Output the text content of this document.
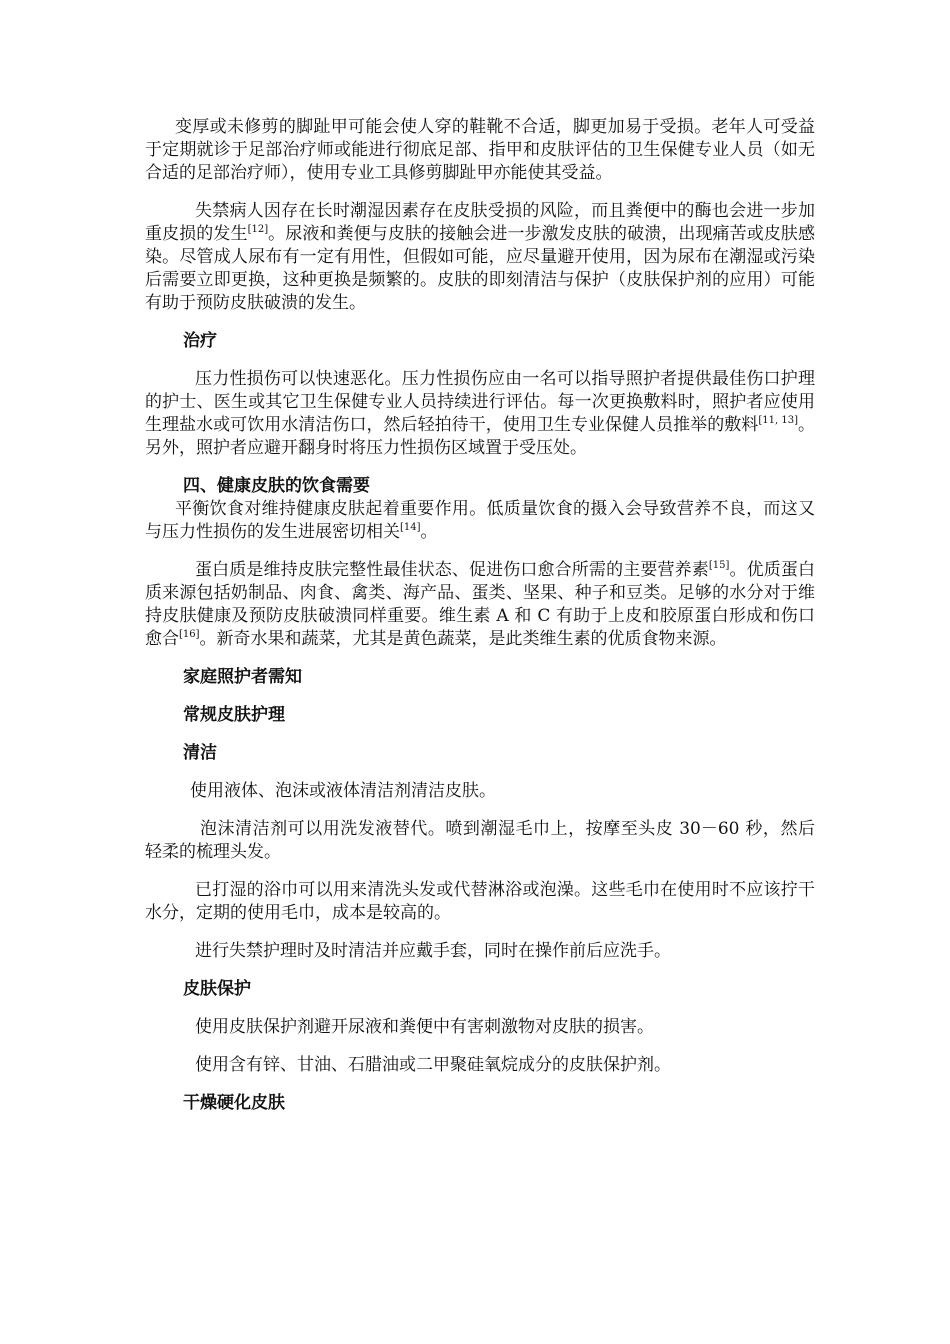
变厚或未修剪的脚趾甲可能会使人穿的鞋靴不合适，脚更加易于受损。老年人可受益于定期就诊于足部治疗师或能进行彻底足部、指甲和皮肤评估的卫生保健专业人员（如无合适的足部治疗师），使用专业工具修剪脚趾甲亦能使其受益。

失禁病人因存在长时潮湿因素存在皮肤受损的风险，而且粪便中的酶也会进一步加重皮损的发生[12]。尿液和粪便与皮肤的接触会进一步激发皮肤的破溃，出现痛苦或皮肤感染。尽管成人尿布有一定有用性，但假如可能，应尽量避开使用，因为尿布在潮湿或污染后需要立即更换，这种更换是频繁的。皮肤的即刻清洁与保护（皮肤保护剂的应用）可能有助于预防皮肤破溃的发生。

治疗

压力性损伤可以快速恶化。压力性损伤应由一名可以指导照护者提供最佳伤口护理的护士、医生或其它卫生保健专业人员持续进行评估。每一次更换敷料时，照护者应使用生理盐水或可饮用水清洁伤口，然后轻拍待干，使用卫生专业保健人员推举的敷料[11, 13]。另外，照护者应避开翻身时将压力性损伤区域置于受压处。

四、健康皮肤的饮食需要

平衡饮食对维持健康皮肤起着重要作用。低质量饮食的摄入会导致营养不良，而这又与压力性损伤的发生进展密切相关[14]。

蛋白质是维持皮肤完整性最佳状态、促进伤口愈合所需的主要营养素[15]。优质蛋白质来源包括奶制品、肉食、禽类、海产品、蛋类、坚果、种子和豆类。足够的水分对于维持皮肤健康及预防皮肤破溃同样重要。维生素 A 和 C 有助于上皮和胶原蛋白形成和伤口愈合[16]。新奇水果和蔬菜，尤其是黄色蔬菜，是此类维生素的优质食物来源。

家庭照护者需知
常规皮肤护理
清洁

使用液体、泡沫或液体清洁剂清洁皮肤。

泡沫清洁剂可以用洗发液替代。喷到潮湿毛巾上，按摩至头皮 30－60 秒，然后轻柔的梳理头发。

已打湿的浴巾可以用来清洗头发或代替淋浴或泡澡。这些毛巾在使用时不应该拧干水分，定期的使用毛巾，成本是较高的。

进行失禁护理时及时清洁并应戴手套，同时在操作前后应洗手。

皮肤保护

使用皮肤保护剂避开尿液和粪便中有害刺激物对皮肤的损害。

使用含有锌、甘油、石腊油或二甲聚硅氧烷成分的皮肤保护剂。

干燥硬化皮肤
